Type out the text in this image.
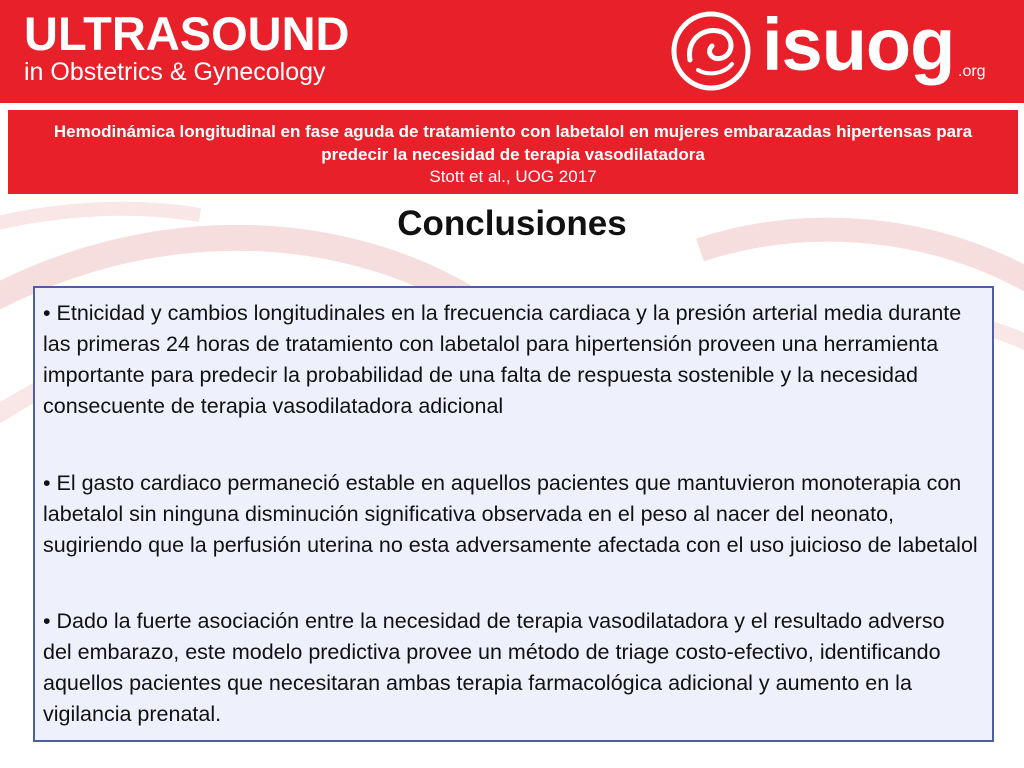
ULTRASOUND
in Obstetrics & Gynecology	isuog .org
Hemodinámica longitudinal en fase aguda de tratamiento con labetalol en mujeres embarazadas hipertensas para predecir la necesidad de terapia vasodilatadora
Stott et al., UOG 2017
Conclusiones
• Etnicidad y cambios longitudinales en la frecuencia cardiaca y la presión arterial media durante las primeras 24 horas de tratamiento con labetalol para hipertensión proveen una herramienta importante para predecir la probabilidad de una falta de respuesta sostenible y la necesidad consecuente de terapia vasodilatadora adicional
• El gasto cardiaco permaneció estable en aquellos pacientes que mantuvieron monoterapia con labetalol sin ninguna disminución significativa observada en el peso al nacer del neonato, sugiriendo que la perfusión uterina no esta adversamente afectada con el uso juicioso de labetalol
• Dado la fuerte asociación entre la necesidad de terapia vasodilatadora y el resultado adverso del embarazo, este modelo predictiva provee un método de triage costo-efectivo, identificando aquellos pacientes que necesitaran ambas terapia farmacológica adicional y aumento en la vigilancia prenatal.
